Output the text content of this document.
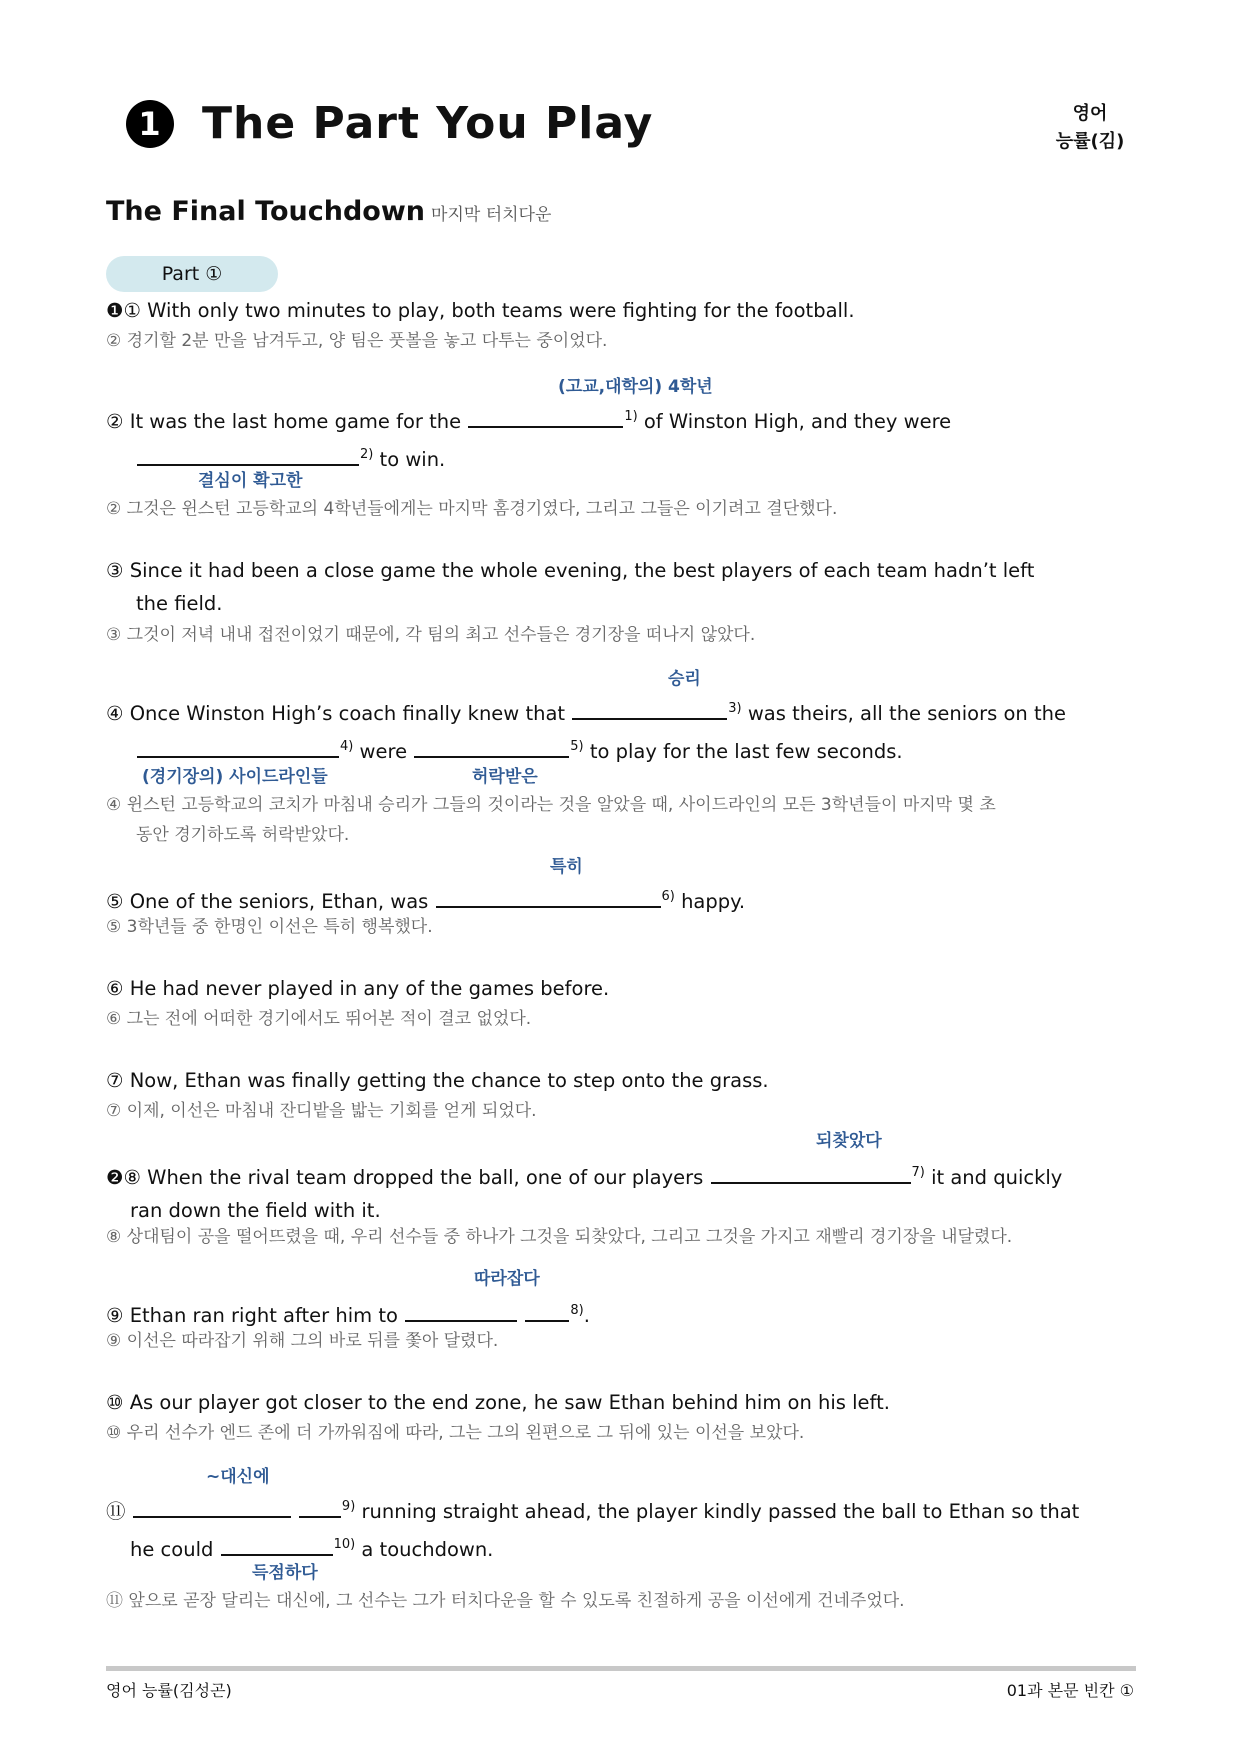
1 The Part You Play	영어
능률(김)
The Final Touchdown 마지막 터치다운
Part ①
❶① With only two minutes to play, both teams were fighting for the football.
② 경기할 2분 만을 남겨두고, 양 팀은 풋볼을 놓고 다투는 중이었다.
(고교,대학의) 4학년
② It was the last home game for the	$^{1)}$ of Winston High, and they were
$^{2)}$ to win.
결심이 확고한
② 그것은 윈스턴 고등학교의 4학년들에게는 마지막 홈경기였다, 그리고 그들은 이기려고 결단했다.
③ Since it had been a close game the whole evening, the best players of each team hadn’t left
the field.
③ 그것이 저녁 내내 접전이었기 때문에, 각 팀의 최고 선수들은 경기장을 떠나지 않았다.
승리
④ Once Winston High’s coach finally knew that	$^{3)}$ was theirs, all the seniors on the
$^{4)}$ were	$^{5)}$ to play for the last few seconds.
(경기장의) 사이드라인들	허락받은
④ 윈스턴 고등학교의 코치가 마침내 승리가 그들의 것이라는 것을 알았을 때, 사이드라인의 모든 3학년들이 마지막 몇 초
동안 경기하도록 허락받았다.
특히
⑤ One of the seniors, Ethan, was	$^{6)}$ happy.
⑤ 3학년들 중 한명인 이선은 특히 행복했다.
⑥ He had never played in any of the games before.
⑥ 그는 전에 어떠한 경기에서도 뛰어본 적이 결코 없었다.
⑦ Now, Ethan was finally getting the chance to step onto the grass.
⑦ 이제, 이선은 마침내 잔디밭을 밟는 기회를 얻게 되었다.
되찾았다
❷⑧ When the rival team dropped the ball, one of our players	$^{7)}$ it and quickly
ran down the field with it.
⑧ 상대팀이 공을 떨어뜨렸을 때, 우리 선수들 중 하나가 그것을 되찾았다, 그리고 그것을 가지고 재빨리 경기장을 내달렸다.
따라잡다
⑨ Ethan ran right after him to	$^{8)}$.
⑨ 이선은 따라잡기 위해 그의 바로 뒤를 쫓아 달렸다.
⑩ As our player got closer to the end zone, he saw Ethan behind him on his left.
⑩ 우리 선수가 엔드 존에 더 가까워짐에 따라, 그는 그의 왼편으로 그 뒤에 있는 이선을 보았다.
~대신에
⑪	$^{9)}$ running straight ahead, the player kindly passed the ball to Ethan so that
he could	$^{10)}$ a touchdown.
득점하다
⑪ 앞으로 곧장 달리는 대신에, 그 선수는 그가 터치다운을 할 수 있도록 친절하게 공을 이선에게 건네주었다.
영어 능률(김성곤)	01과 본문 빈칸 ①
